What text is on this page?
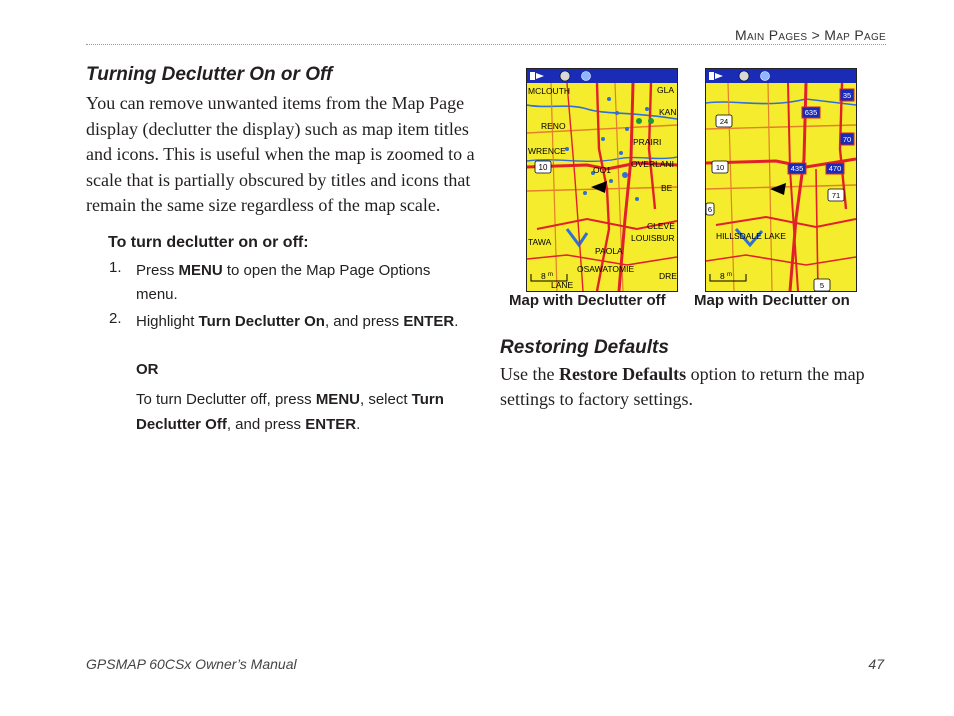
Main Pages > Map Page
Turning Declutter On or Off
You can remove unwanted items from the Map Page display (declutter the display) such as map item titles and icons. This is useful when the map is zoomed to a scale that is partially obscured by titles and icons that remain the same size regardless of the map scale.
To turn declutter on or off:
1. Press MENU to open the Map Page Options menu.
2. Highlight Turn Declutter On, and press ENTER.
OR
To turn Declutter off, press MENU, select Turn Declutter Off, and press ENTER.
MCLOUTH
RENO
WRENCE
PRAIRI
OVERLANI
KAN
GLA
BE
CLEVE
LOUISBUR
PAOLA
OSAWATOMIE
TAWA
LANE
DRE
OO1
10
8 m
Map with Declutter off
24
635
35
70
10	435	470
71
6
5
HILLSDALE LAKE
8 m
Map with Declutter on
Restoring Defaults
Use the Restore Defaults option to return the map settings to factory settings.
GPSMAP 60CSx Owner’s Manual	47
